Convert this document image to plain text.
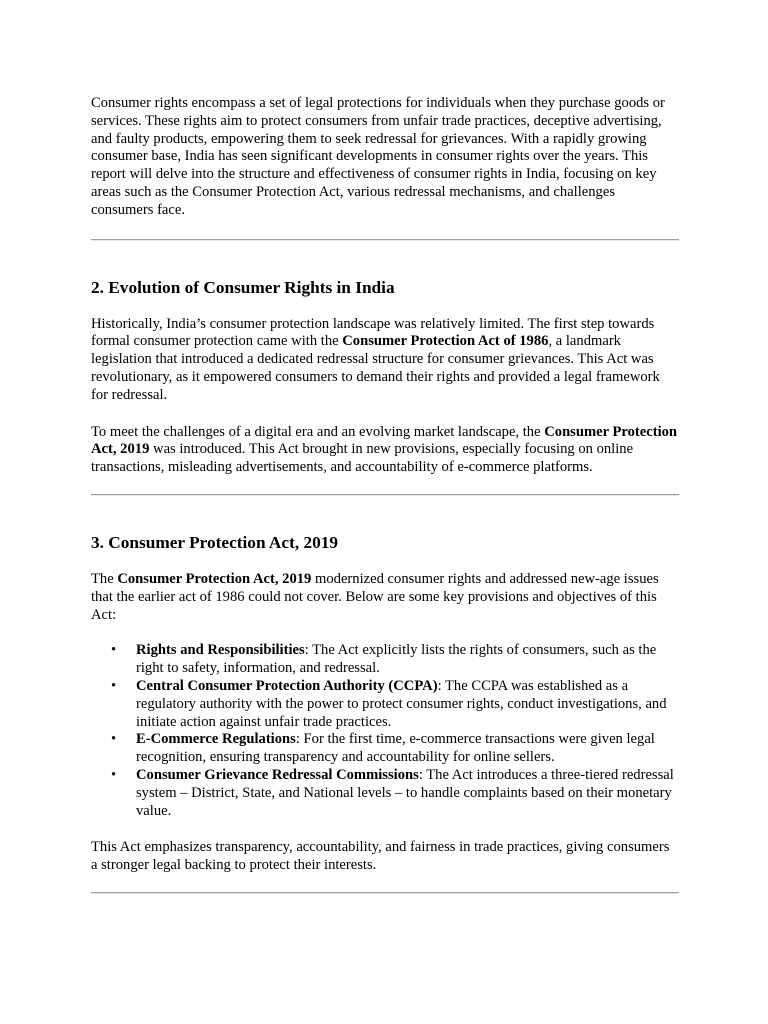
Consumer rights encompass a set of legal protections for individuals when they purchase goods or services. These rights aim to protect consumers from unfair trade practices, deceptive advertising, and faulty products, empowering them to seek redressal for grievances. With a rapidly growing consumer base, India has seen significant developments in consumer rights over the years. This report will delve into the structure and effectiveness of consumer rights in India, focusing on key areas such as the Consumer Protection Act, various redressal mechanisms, and challenges consumers face.

2. Evolution of Consumer Rights in India

Historically, India’s consumer protection landscape was relatively limited. The first step towards formal consumer protection came with the Consumer Protection Act of 1986, a landmark legislation that introduced a dedicated redressal structure for consumer grievances. This Act was revolutionary, as it empowered consumers to demand their rights and provided a legal framework for redressal.

To meet the challenges of a digital era and an evolving market landscape, the Consumer Protection Act, 2019 was introduced. This Act brought in new provisions, especially focusing on online transactions, misleading advertisements, and accountability of e-commerce platforms.

3. Consumer Protection Act, 2019

The Consumer Protection Act, 2019 modernized consumer rights and addressed new-age issues that the earlier act of 1986 could not cover. Below are some key provisions and objectives of this Act:

• Rights and Responsibilities: The Act explicitly lists the rights of consumers, such as the right to safety, information, and redressal.
• Central Consumer Protection Authority (CCPA): The CCPA was established as a regulatory authority with the power to protect consumer rights, conduct investigations, and initiate action against unfair trade practices.
• E-Commerce Regulations: For the first time, e-commerce transactions were given legal recognition, ensuring transparency and accountability for online sellers.
• Consumer Grievance Redressal Commissions: The Act introduces a three-tiered redressal system – District, State, and National levels – to handle complaints based on their monetary value.

This Act emphasizes transparency, accountability, and fairness in trade practices, giving consumers a stronger legal backing to protect their interests.
